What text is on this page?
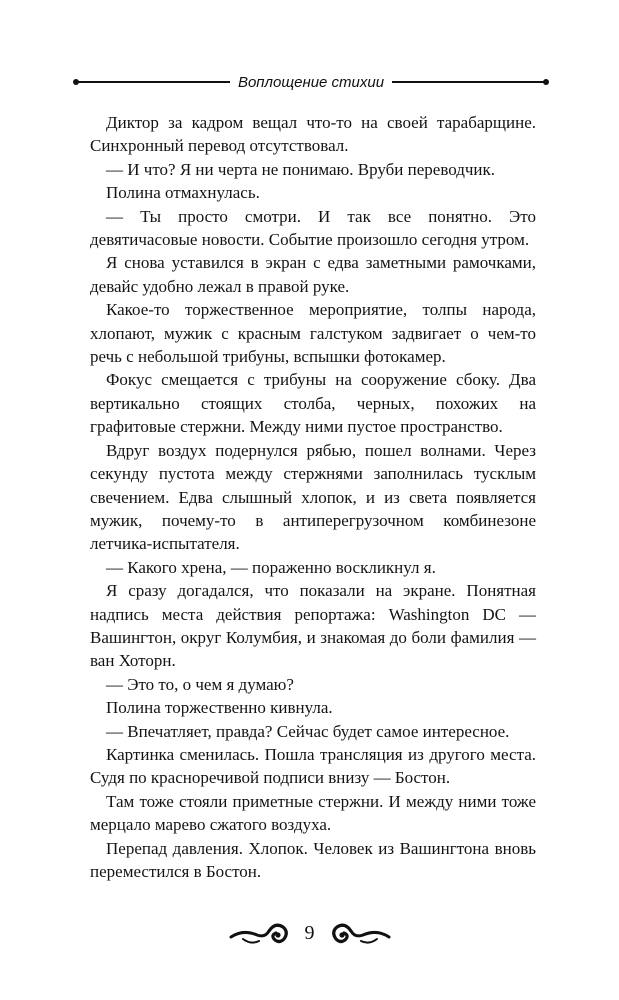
Воплощение стихии

Диктор за кадром вещал что-то на своей тарабарщине. Синхронный перевод отсутствовал.

— И что? Я ни черта не понимаю. Вруби переводчик.

Полина отмахнулась.

— Ты просто смотри. И так все понятно. Это девятичасовые новости. Событие произошло сегодня утром.

Я снова уставился в экран с едва заметными рамочками, девайс удобно лежал в правой руке.

Какое-то торжественное мероприятие, толпы народа, хлопают, мужик с красным галстуком задвигает о чем-то речь с небольшой трибуны, вспышки фотокамер.

Фокус смещается с трибуны на сооружение сбоку. Два вертикально стоящих столба, черных, похожих на графитовые стержни. Между ними пустое пространство.

Вдруг воздух подернулся рябью, пошел волнами. Через секунду пустота между стержнями заполнилась тусклым свечением. Едва слышный хлопок, и из света появляется мужик, почему-то в антиперегрузочном комбинезоне летчика-испытателя.

— Какого хрена, — пораженно воскликнул я.

Я сразу догадался, что показали на экране. Понятная надпись места действия репортажа: Washington DC — Вашингтон, округ Колумбия, и знакомая до боли фамилия — ван Хоторн.

— Это то, о чем я думаю?

Полина торжественно кивнула.

— Впечатляет, правда? Сейчас будет самое интересное.

Картинка сменилась. Пошла трансляция из другого места. Судя по красноречивой подписи внизу — Бостон.

Там тоже стояли приметные стержни. И между ними тоже мерцало марево сжатого воздуха.

Перепад давления. Хлопок. Человек из Вашингтона вновь переместился в Бостон.

9
